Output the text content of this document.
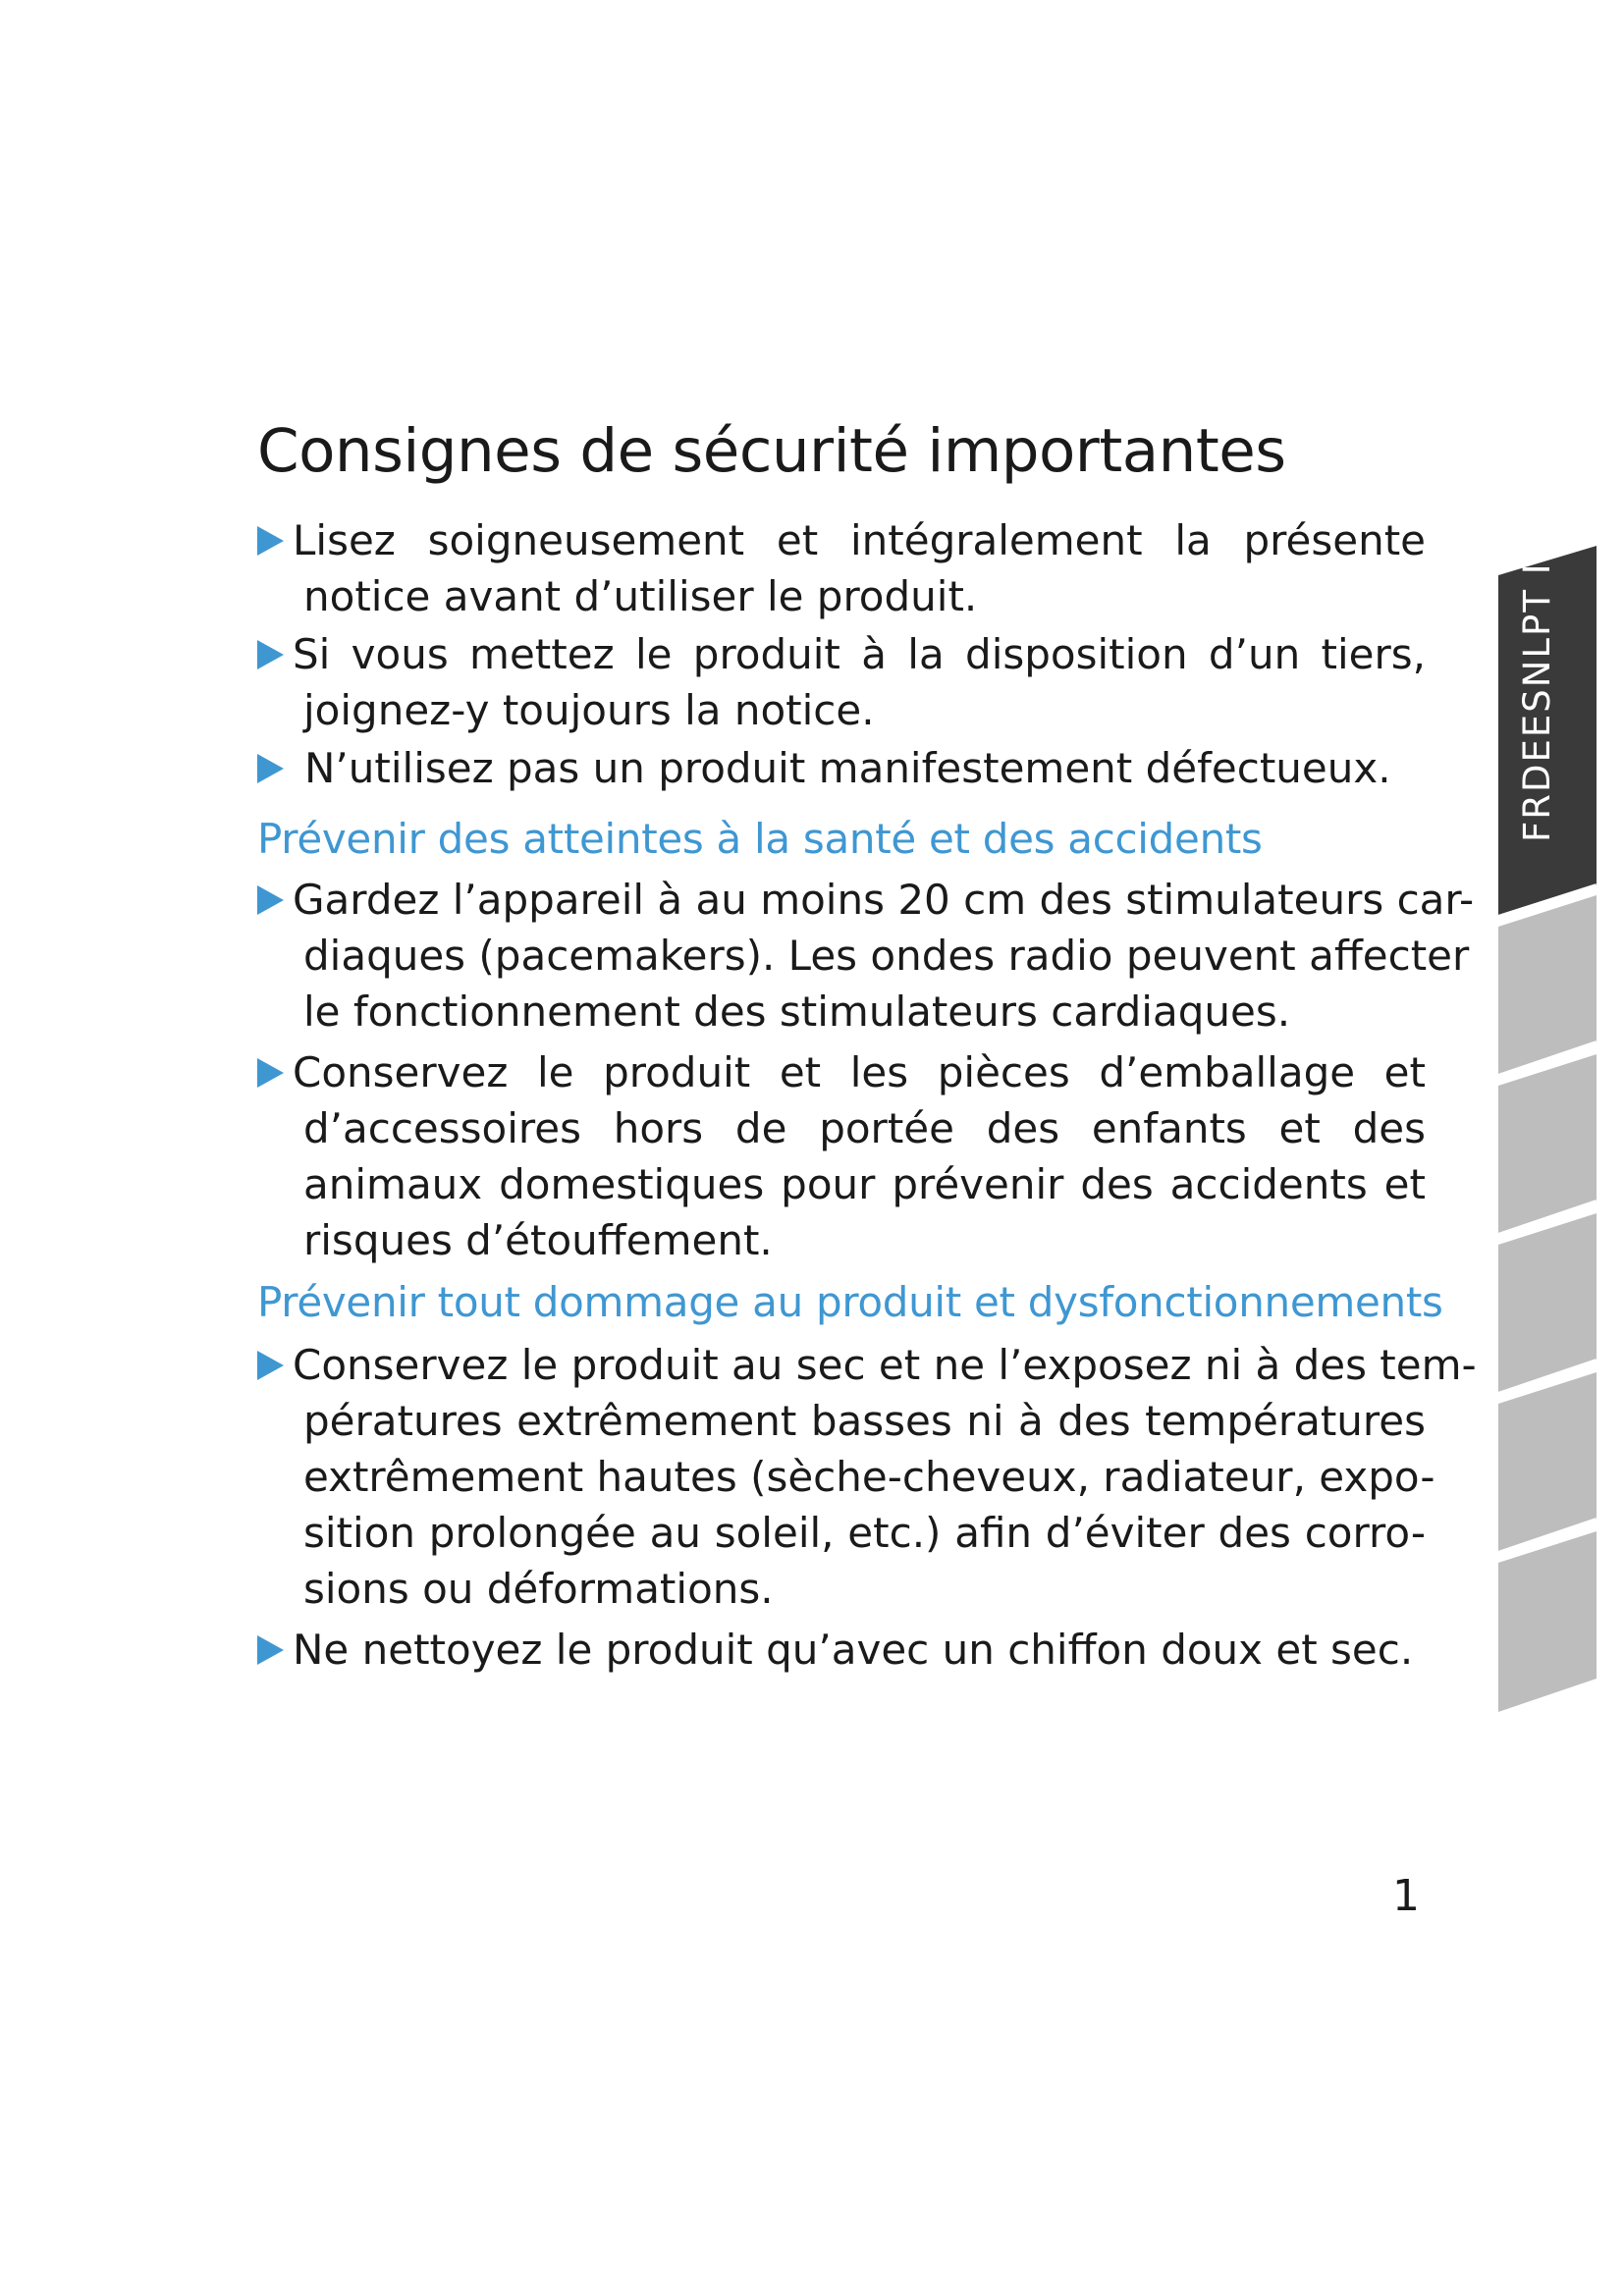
Consignes de sécurité importantes
Lisez soigneusement et intégralement la présente
notice avant d’utiliser le produit.
Si vous mettez le produit à la disposition d’un tiers,
joignez-y toujours la notice.
N’utilisez pas un produit manifestement défectueux.
Prévenir des atteintes à la santé et des accidents
Gardez l’appareil à au moins 20 cm des stimulateurs car-
diaques (pacemakers). Les ondes radio peuvent affecter
le fonctionnement des stimulateurs cardiaques.
Conservez le produit et les pièces d’emballage et
d’accessoires hors de portée des enfants et des
animaux domestiques pour prévenir des accidents et
risques d’étouffement.
Prévenir tout dommage au produit et dysfonctionnements
Conservez le produit au sec et ne l’exposez ni à des tem-
pératures extrêmement basses ni à des températures
extrêmement hautes (sèche-cheveux, radiateur, expo-
sition prolongée au soleil, etc.) afin d’éviter des corro-
sions ou déformations.
Ne nettoyez le produit qu’avec un chiffon doux et sec.
FRDEESNLPT I
1
